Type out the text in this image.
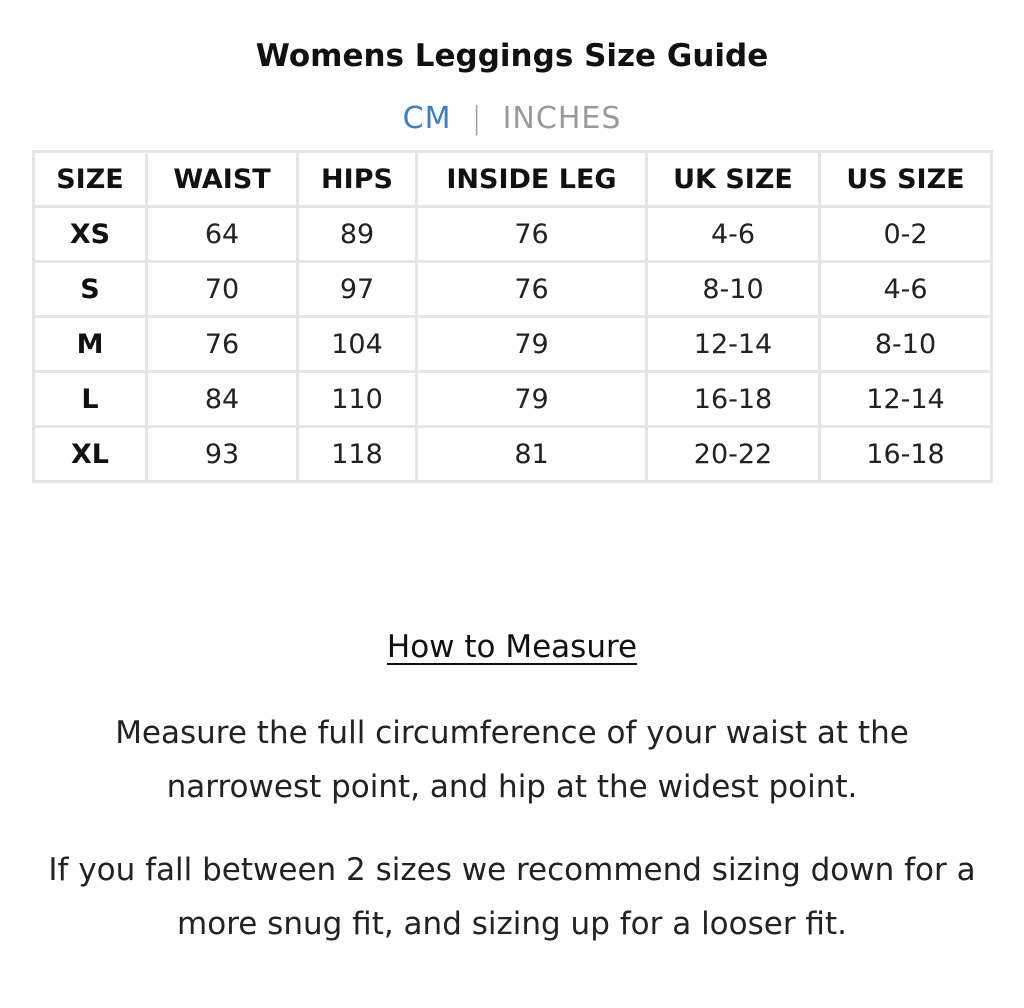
Womens Leggings Size Guide
CM | INCHES
SIZE	WAIST	HIPS	INSIDE LEG	UK SIZE	US SIZE
XS	64	89	76	4-6	0-2
S	70	97	76	8-10	4-6
M	76	104	79	12-14	8-10
L	84	110	79	16-18	12-14
XL	93	118	81	20-22	16-18
How to Measure
Measure the full circumference of your waist at the narrowest point, and hip at the widest point.
If you fall between 2 sizes we recommend sizing down for a more snug fit, and sizing up for a looser fit.
